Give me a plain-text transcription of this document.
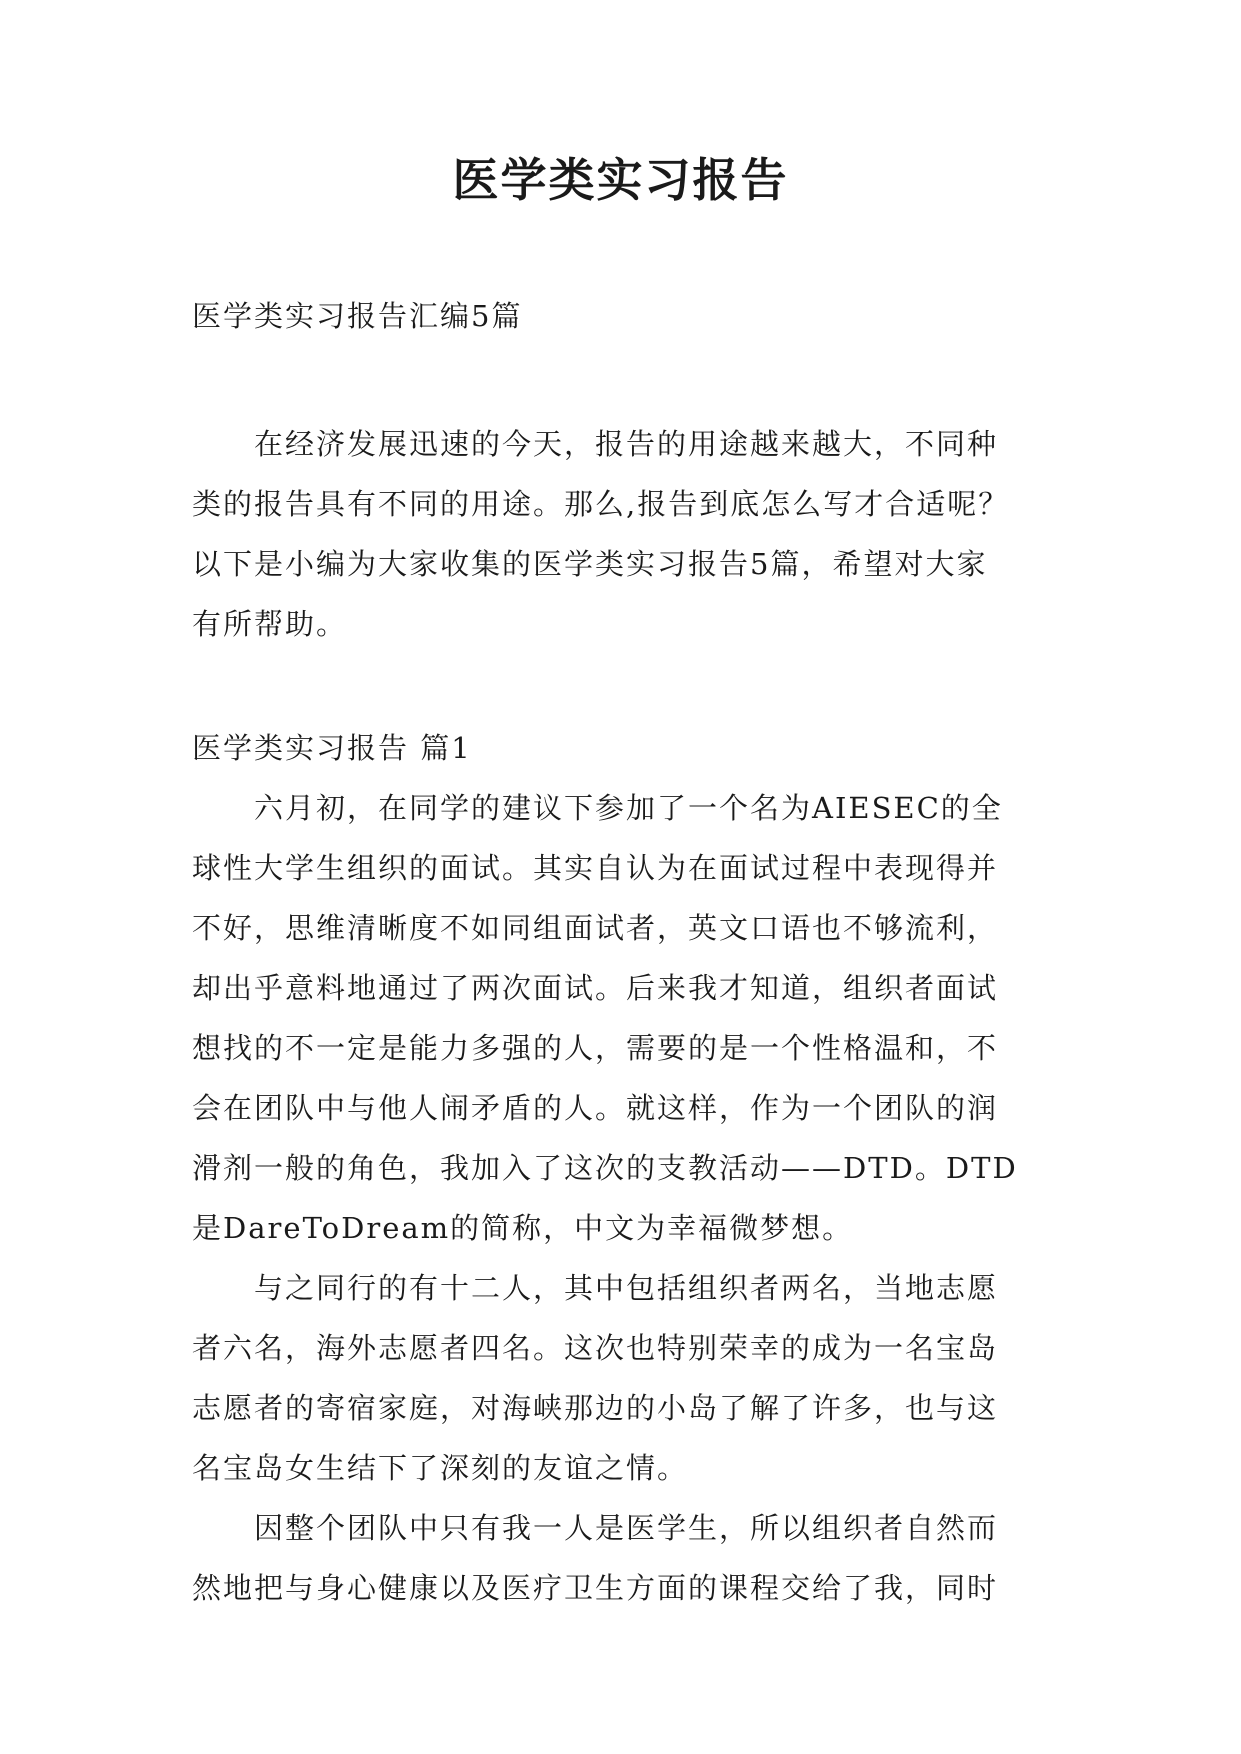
医学类实习报告
医学类实习报告汇编5篇
　　在经济发展迅速的今天，报告的用途越来越大，不同种
类的报告具有不同的用途。那么,报告到底怎么写才合适呢？
以下是小编为大家收集的医学类实习报告5篇，希望对大家
有所帮助。
医学类实习报告 篇1
　　六月初，在同学的建议下参加了一个名为AIESEC的全
球性大学生组织的面试。其实自认为在面试过程中表现得并
不好，思维清晰度不如同组面试者，英文口语也不够流利，
却出乎意料地通过了两次面试。后来我才知道，组织者面试
想找的不一定是能力多强的人，需要的是一个性格温和，不
会在团队中与他人闹矛盾的人。就这样，作为一个团队的润
滑剂一般的角色，我加入了这次的支教活动——DTD。DTD
是DareToDream的简称，中文为幸福微梦想。
　　与之同行的有十二人，其中包括组织者两名，当地志愿
者六名，海外志愿者四名。这次也特别荣幸的成为一名宝岛
志愿者的寄宿家庭，对海峡那边的小岛了解了许多，也与这
名宝岛女生结下了深刻的友谊之情。
　　因整个团队中只有我一人是医学生，所以组织者自然而
然地把与身心健康以及医疗卫生方面的课程交给了我，同时
